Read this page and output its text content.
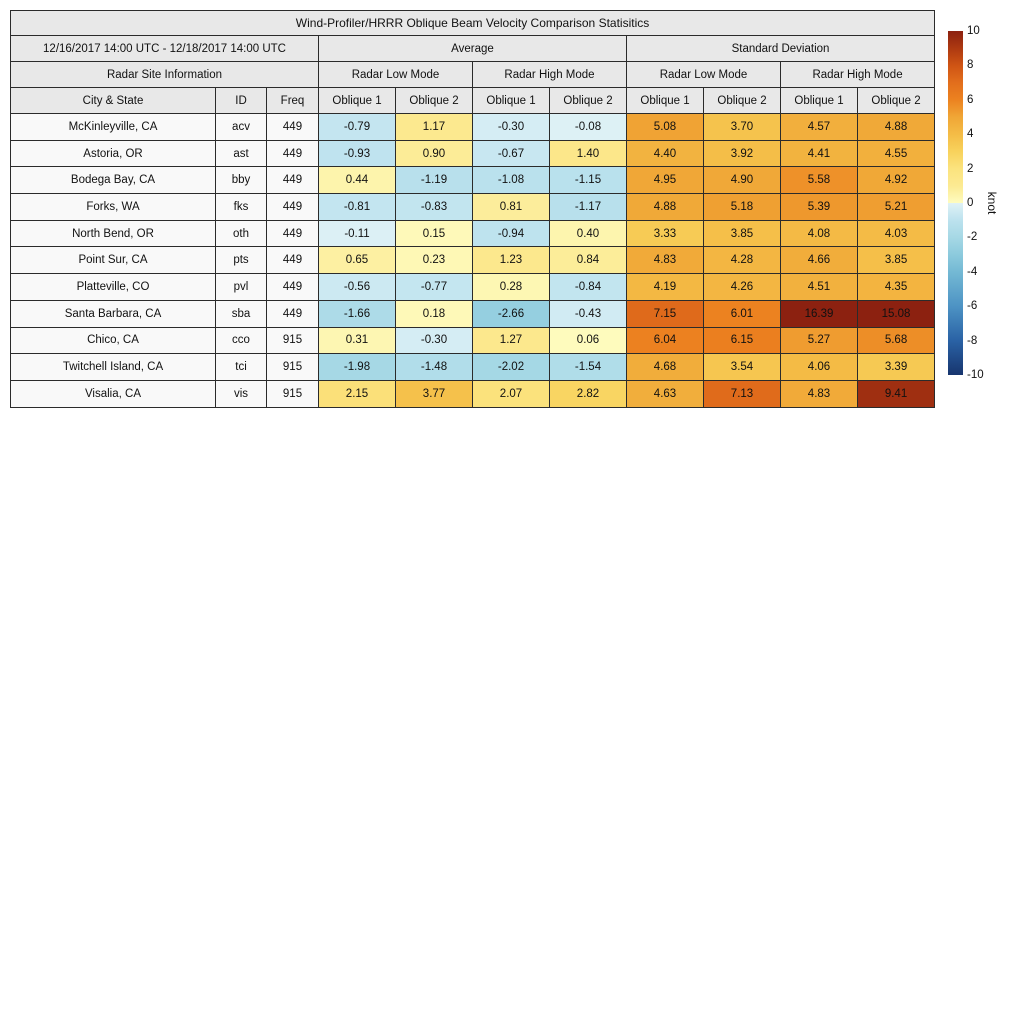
Wind-Profiler/HRRR Oblique Beam Velocity Comparison Statisitics										
12/16/2017 14:00 UTC - 12/18/2017 14:00 UTC			Average				Standard Deviation			
Radar Site Information			Radar Low Mode		Radar High Mode		Radar Low Mode		Radar High Mode	
City & State	ID	Freq	Oblique 1	Oblique 2	Oblique 1	Oblique 2	Oblique 1	Oblique 2	Oblique 1	Oblique 2
McKinleyville, CA	acv	449	-0.79	1.17	-0.30	-0.08	5.08	3.70	4.57	4.88
Astoria, OR	ast	449	-0.93	0.90	-0.67	1.40	4.40	3.92	4.41	4.55
Bodega Bay, CA	bby	449	0.44	-1.19	-1.08	-1.15	4.95	4.90	5.58	4.92
Forks, WA	fks	449	-0.81	-0.83	0.81	-1.17	4.88	5.18	5.39	5.21
North Bend, OR	oth	449	-0.11	0.15	-0.94	0.40	3.33	3.85	4.08	4.03
Point Sur, CA	pts	449	0.65	0.23	1.23	0.84	4.83	4.28	4.66	3.85
Platteville, CO	pvl	449	-0.56	-0.77	0.28	-0.84	4.19	4.26	4.51	4.35
Santa Barbara, CA	sba	449	-1.66	0.18	-2.66	-0.43	7.15	6.01	16.39	15.08
Chico, CA	cco	915	0.31	-0.30	1.27	0.06	6.04	6.15	5.27	5.68
Twitchell Island, CA	tci	915	-1.98	-1.48	-2.02	-1.54	4.68	3.54	4.06	3.39
Visalia, CA	vis	915	2.15	3.77	2.07	2.82	4.63	7.13	4.83	9.41
10
8
6
4
2
0
-2
-4
-6
-8
-10
knot
